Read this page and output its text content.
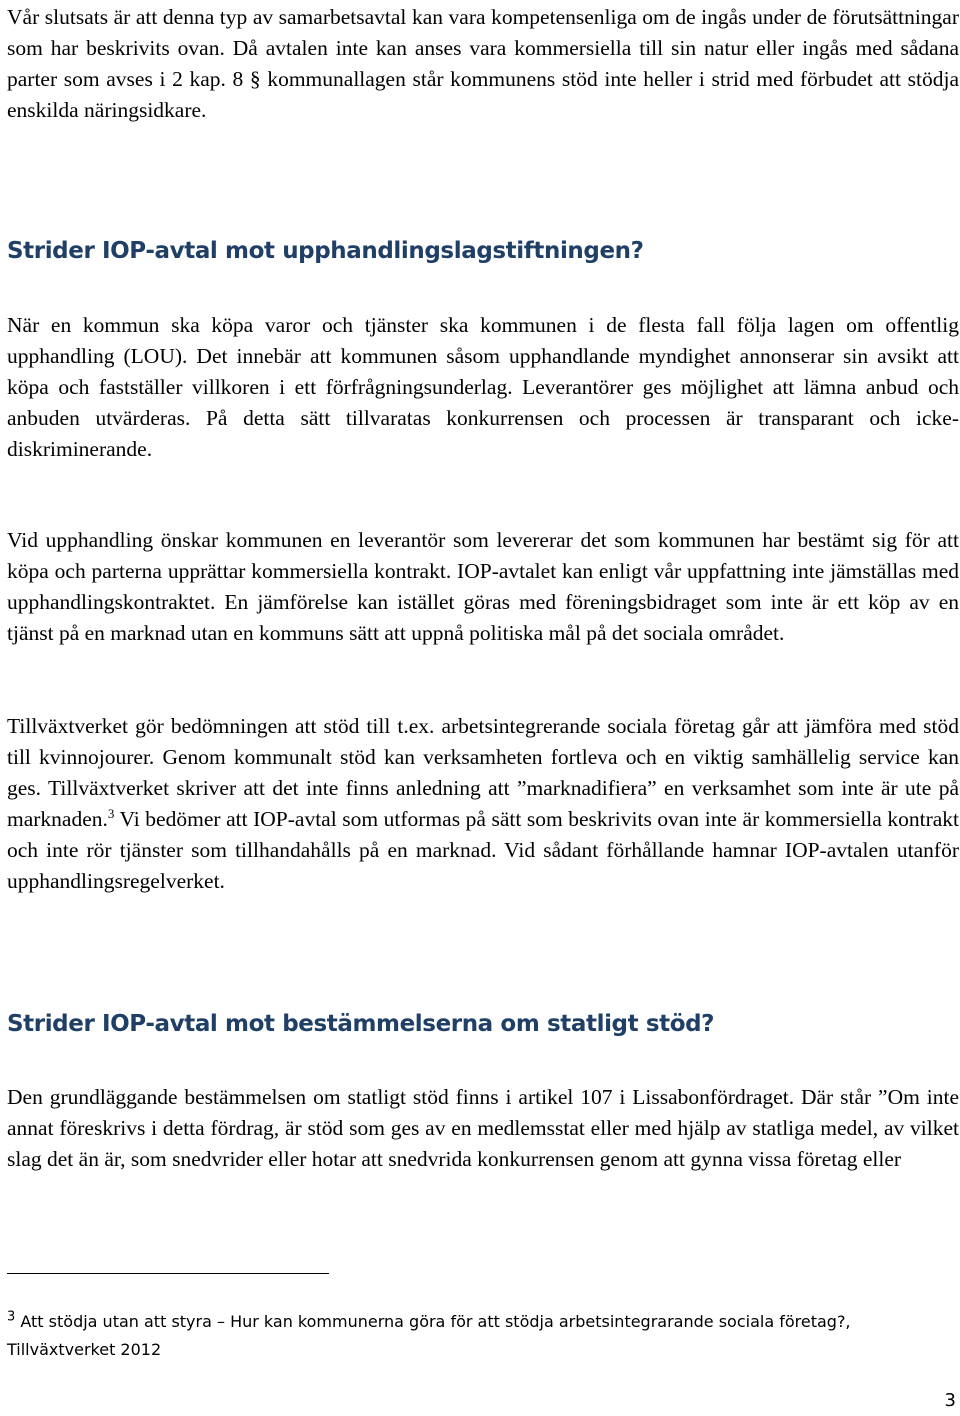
Vår slutsats är att denna typ av samarbetsavtal kan vara kompetensenliga om de ingås under de förutsättningar som har beskrivits ovan. Då avtalen inte kan anses vara kommersiella till sin natur eller ingås med sådana parter som avses i 2 kap. 8 § kommunallagen står kommunens stöd inte heller i strid med förbudet att stödja enskilda näringsidkare.

Strider IOP-avtal mot upphandlingslagstiftningen?

När en kommun ska köpa varor och tjänster ska kommunen i de flesta fall följa lagen om offentlig upphandling (LOU). Det innebär att kommunen såsom upphandlande myndighet annonserar sin avsikt att köpa och fastställer villkoren i ett förfrågningsunderlag. Leverantörer ges möjlighet att lämna anbud och anbuden utvärderas. På detta sätt tillvaratas konkurrensen och processen är transparant och icke-diskriminerande.

Vid upphandling önskar kommunen en leverantör som levererar det som kommunen har bestämt sig för att köpa och parterna upprättar kommersiella kontrakt. IOP-avtalet kan enligt vår uppfattning inte jämställas med upphandlingskontraktet. En jämförelse kan istället göras med föreningsbidraget som inte är ett köp av en tjänst på en marknad utan en kommuns sätt att uppnå politiska mål på det sociala området.

Tillväxtverket gör bedömningen att stöd till t.ex. arbetsintegrerande sociala företag går att jämföra med stöd till kvinnojourer. Genom kommunalt stöd kan verksamheten fortleva och en viktig samhällelig service kan ges. Tillväxtverket skriver att det inte finns anledning att ”marknadifiera” en verksamhet som inte är ute på marknaden.$^3$ Vi bedömer att IOP-avtal som utformas på sätt som beskrivits ovan inte är kommersiella kontrakt och inte rör tjänster som tillhandahålls på en marknad. Vid sådant förhållande hamnar IOP-avtalen utanför upphandlingsregelverket.

Strider IOP-avtal mot bestämmelserna om statligt stöd?

Den grundläggande bestämmelsen om statligt stöd finns i artikel 107 i Lissabonfördraget. Där står ”Om inte annat föreskrivs i detta fördrag, är stöd som ges av en medlemsstat eller med hjälp av statliga medel, av vilket slag det än är, som snedvrider eller hotar att snedvrida konkurrensen genom att gynna vissa företag eller

$^3$ Att stödja utan att styra – Hur kan kommunerna göra för att stödja arbetsintegrarande sociala företag?, Tillväxtverket 2012

3
